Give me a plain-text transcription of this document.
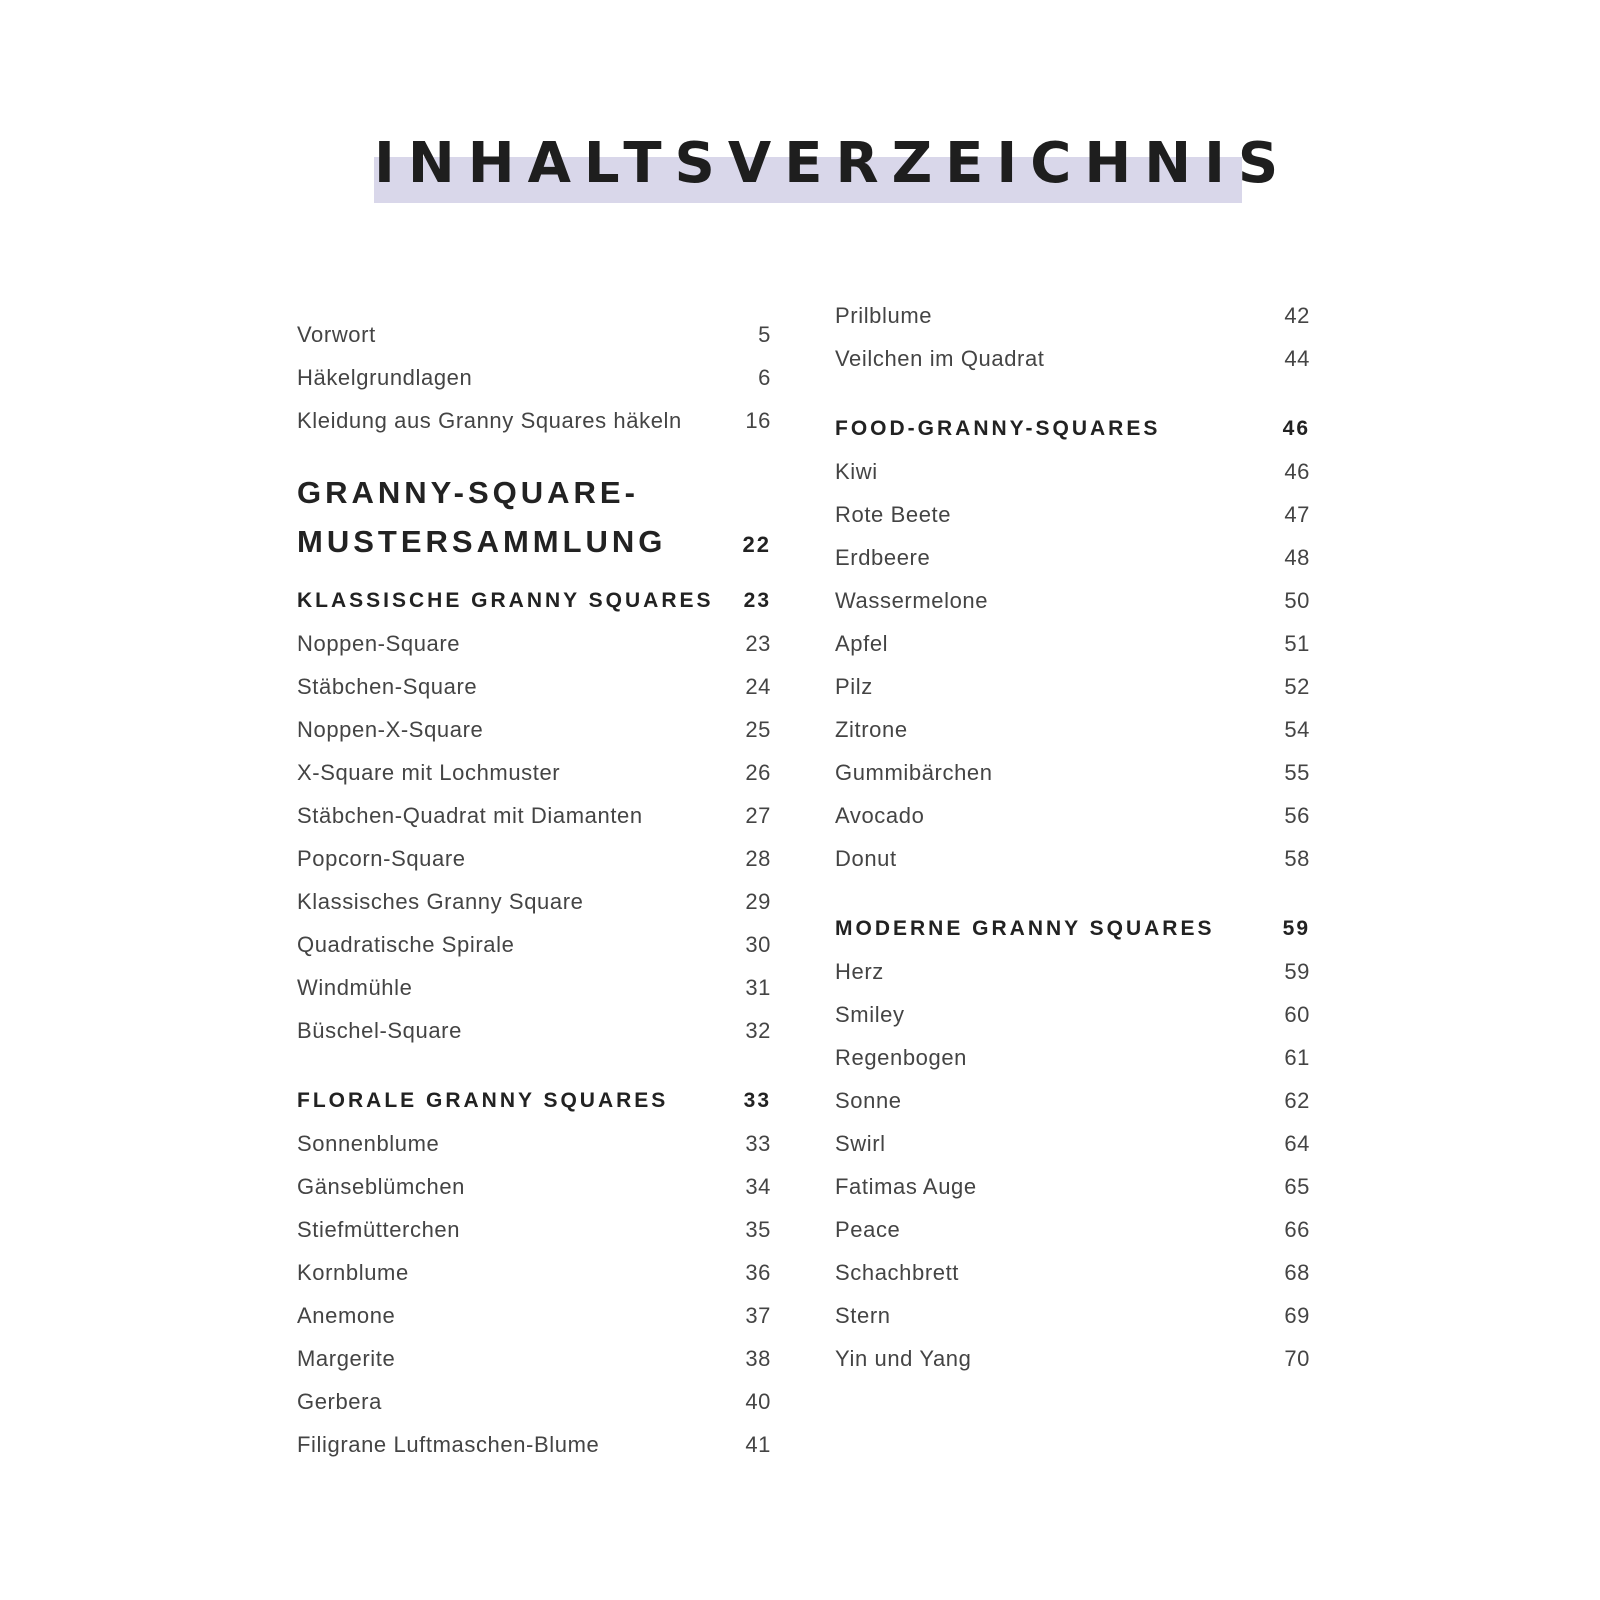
INHALTSVERZEICHNIS
Vorwort	5
Häkelgrundlagen	6
Kleidung aus Granny Squares häkeln	16
GRANNY-SQUARE-
MUSTERSAMMLUNG	22
KLASSISCHE GRANNY SQUARES 23
Noppen-Square	23
Stäbchen-Square	24
Noppen-X-Square	25
X-Square mit Lochmuster	26
Stäbchen-Quadrat mit Diamanten	27
Popcorn-Square	28
Klassisches Granny Square	29
Quadratische Spirale	30
Windmühle	31
Büschel-Square	32
FLORALE GRANNY SQUARES	33
Sonnenblume	33
Gänseblümchen	34
Stiefmütterchen	35
Kornblume	36
Anemone	37
Margerite	38
Gerbera	40
Filigrane Luftmaschen-Blume	41
Prilblume	42
Veilchen im Quadrat	44
FOOD-GRANNY-SQUARES	46
Kiwi	46
Rote Beete	47
Erdbeere	48
Wassermelone	50
Apfel	51
Pilz	52
Zitrone	54
Gummibärchen	55
Avocado	56
Donut	58
MODERNE GRANNY SQUARES	59
Herz	59
Smiley	60
Regenbogen	61
Sonne	62
Swirl	64
Fatimas Auge	65
Peace	66
Schachbrett	68
Stern	69
Yin und Yang	70
